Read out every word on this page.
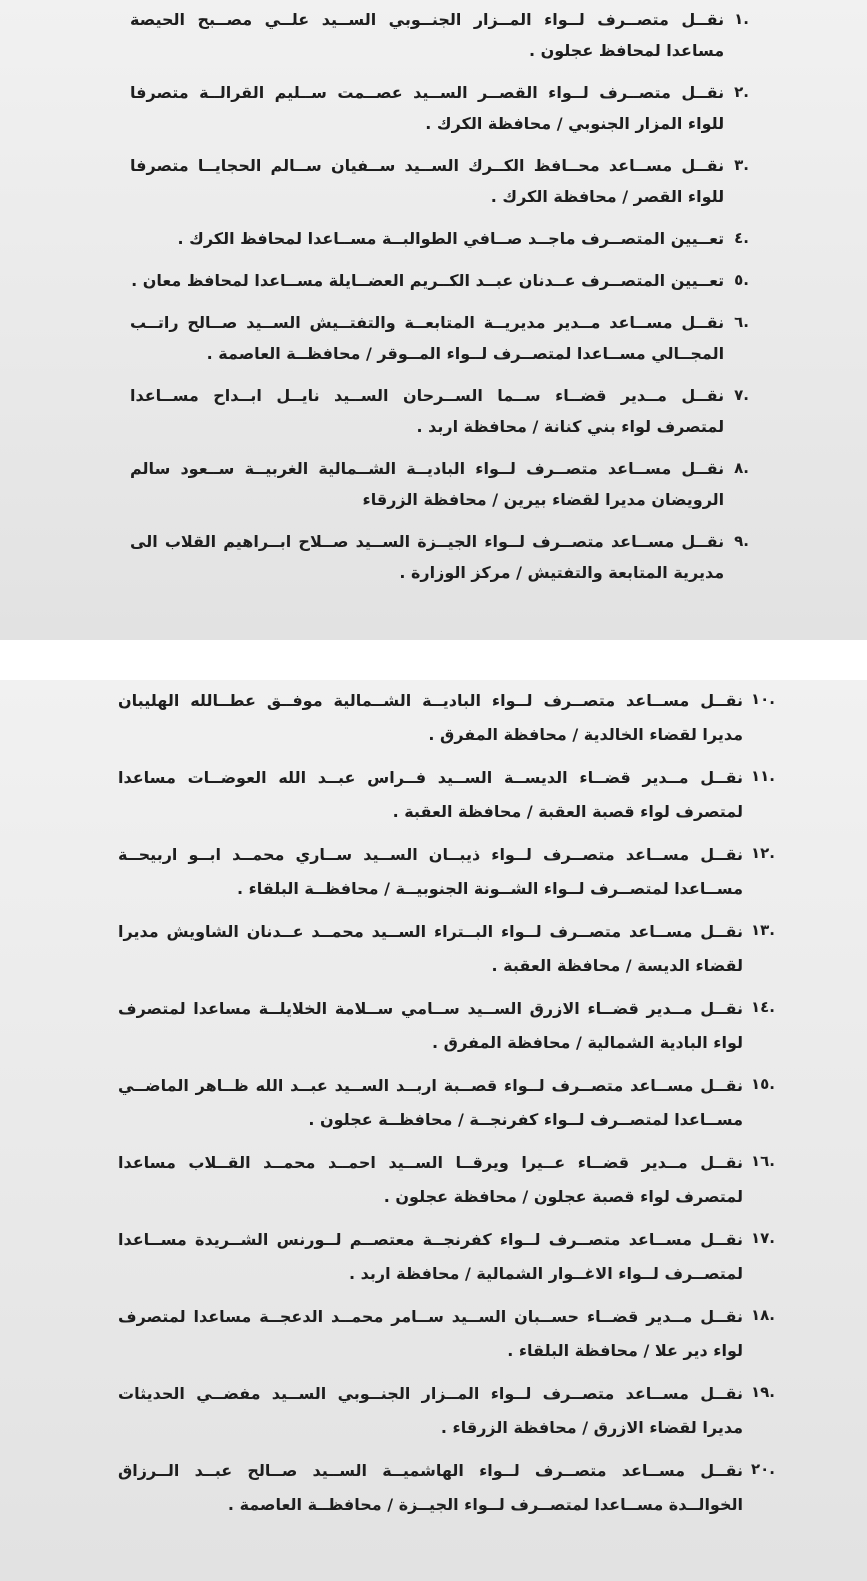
.١
نقــل متصــرف لــواء المــزار الجنــوبي الســيد علــي مصــبح الحيصة مساعدا لمحافظ عجلون .
.٢
نقــل متصــرف لــواء القصــر الســيد عصــمت ســليم القرالــة متصرفا للواء المزار الجنوبي / محافظة الكرك .
.٣
نقــل مســاعد محــافظ الكــرك الســيد ســفيان ســالم الحجايــا متصرفا للواء القصر / محافظة الكرك .
.٤
تعــيين المتصــرف ماجــد صــافي الطوالبــة مســاعدا لمحافظ الكرك .
.٥
تعــيين المتصــرف عــدنان عبــد الكــريم العضــايلة مســاعدا لمحافظ معان .
.٦
نقــل مســاعد مــدير مديريــة المتابعــة والتفتــيش الســيد صــالح راتــب المجــالي مســاعدا لمتصــرف لــواء المــوقر / محافظــة العاصمة .
.٧
نقــل مــدير قضــاء ســما الســرحان الســيد نايــل ابــداح مســاعدا لمتصرف لواء بني كنانة / محافظة اربد .
.٨
نقــل مســاعد متصــرف لــواء الباديــة الشــمالية الغربيــة ســعود سالم الرويضان مديرا لقضاء بيرين / محافظة الزرقاء
.٩
نقــل مســاعد متصــرف لــواء الجيــزة الســيد صــلاح ابــراهيم القلاب الى مديرية المتابعة والتفتيش / مركز الوزارة .
.١٠
نقــل مســاعد متصــرف لــواء الباديــة الشــمالية موفــق عطــالله الهليبان مديرا لقضاء الخالدية / محافظة المفرق .
.١١
نقــل مــدير قضــاء الديســة الســيد فــراس عبــد الله العوضــات مساعدا لمتصرف لواء قصبة العقبة / محافظة العقبة .
.١٢
نقــل مســاعد متصــرف لــواء ذيبــان الســيد ســاري محمــد ابــو اربيحــة مســاعدا لمتصــرف لــواء الشــونة الجنوبيــة / محافظــة البلقاء .
.١٣
نقــل مســاعد متصــرف لــواء البــتراء الســيد محمــد عــدنان الشاويش مديرا لقضاء الديسة / محافظة العقبة .
.١٤
نقــل مــدير قضــاء الازرق الســيد ســامي ســلامة الخلايلــة مساعدا لمتصرف لواء البادية الشمالية / محافظة المفرق .
.١٥
نقــل مســاعد متصــرف لــواء قصــبة اربــد الســيد عبــد الله ظــاهر الماضــي مســاعدا لمتصــرف لــواء كفرنجــة / محافظــة عجلون .
.١٦
نقــل مــدير قضــاء عــيرا ويرقــا الســيد احمــد محمــد القــلاب مساعدا لمتصرف لواء قصبة عجلون / محافظة عجلون .
.١٧
نقــل مســاعد متصــرف لــواء كفرنجــة معتصــم لــورنس الشــريدة مســاعدا لمتصــرف لــواء الاغــوار الشمالية / محافظة اربد .
.١٨
نقــل مــدير قضــاء حســبان الســيد ســامر محمــد الدعجــة مساعدا لمتصرف لواء دير علا / محافظة البلقاء .
.١٩
نقــل مســاعد متصــرف لــواء المــزار الجنــوبي الســيد مفضــي الحديثات مديرا لقضاء الازرق / محافظة الزرقاء .
.٢٠
نقــل مســاعد متصــرف لــواء الهاشميــة الســيد صــالح عبــد الــرزاق الخوالــدة مســاعدا لمتصــرف لــواء الجيــزة / محافظــة العاصمة .
